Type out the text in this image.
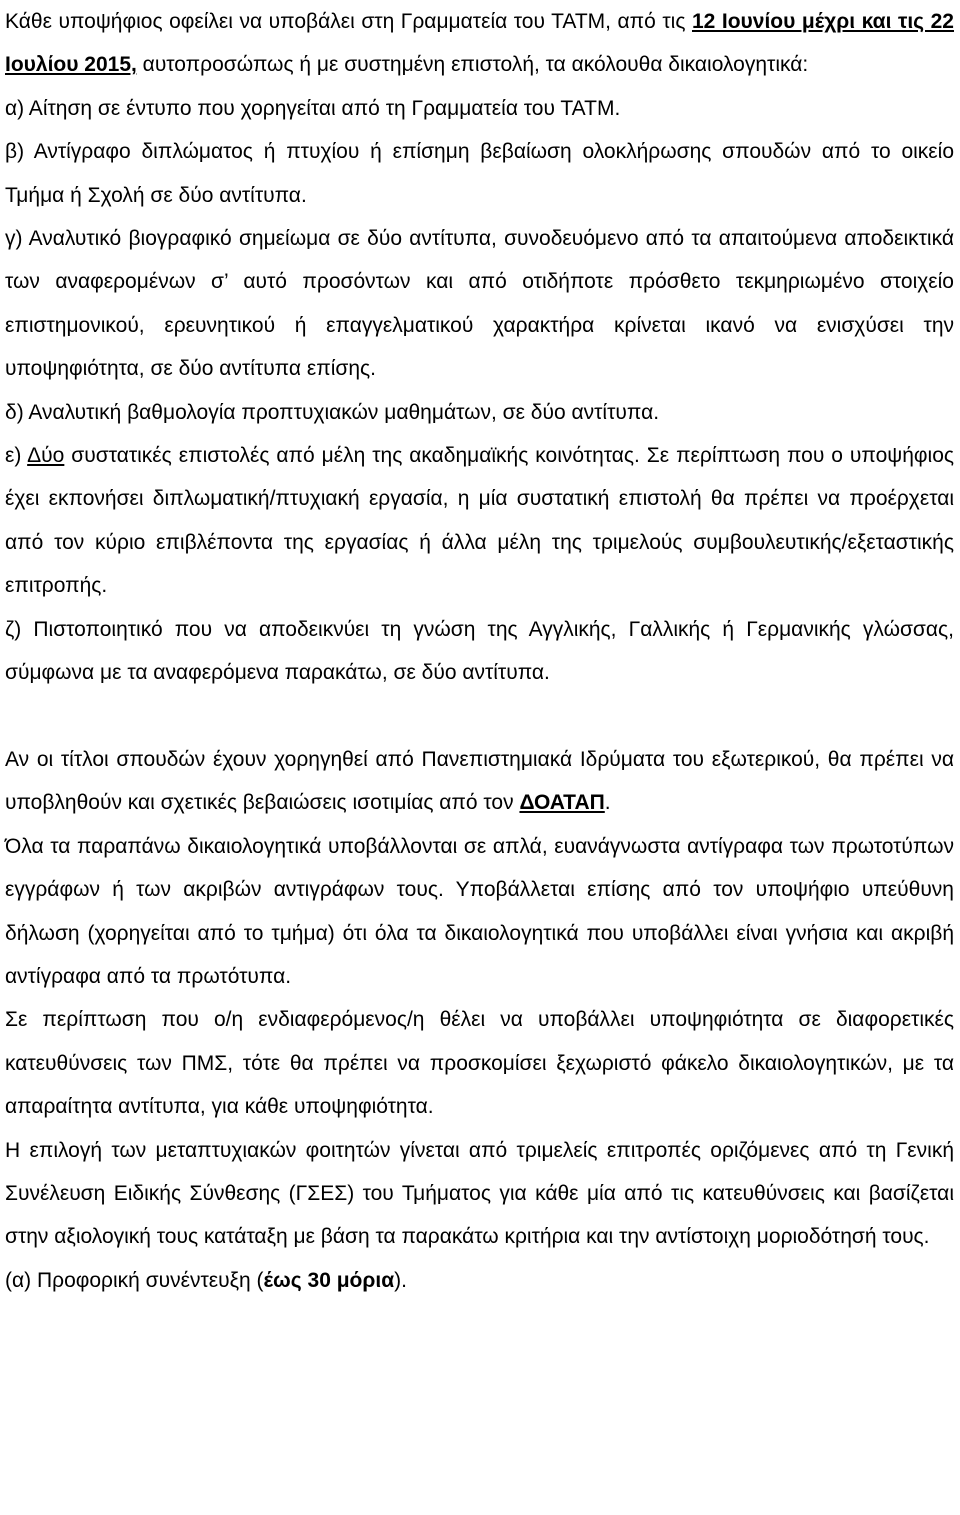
Κάθε υποψήφιος οφείλει να υποβάλει στη Γραμματεία του ΤΑΤΜ, από τις 12 Ιουνίου μέχρι και τις 22 Ιουλίου 2015, αυτοπροσώπως ή με συστημένη επιστολή, τα ακόλουθα δικαιολογητικά:

α) Αίτηση σε έντυπο που χορηγείται από τη Γραμματεία του ΤΑΤΜ.

β) Αντίγραφο διπλώματος ή πτυχίου ή επίσημη βεβαίωση ολοκλήρωσης σπουδών από το οικείο Τμήμα ή Σχολή σε δύο αντίτυπα.

γ) Αναλυτικό βιογραφικό σημείωμα σε δύο αντίτυπα, συνοδευόμενο από τα απαιτούμενα αποδεικτικά των αναφερομένων σ’ αυτό προσόντων και από οτιδήποτε πρόσθετο τεκμηριωμένο στοιχείο επιστημονικού, ερευνητικού ή επαγγελματικού χαρακτήρα κρίνεται ικανό να ενισχύσει την υποψηφιότητα, σε δύο αντίτυπα επίσης.

δ) Αναλυτική βαθμολογία προπτυχιακών μαθημάτων, σε δύο αντίτυπα.

ε) Δύο συστατικές επιστολές από μέλη της ακαδημαϊκής κοινότητας. Σε περίπτωση που ο υποψήφιος έχει εκπονήσει διπλωματική/πτυχιακή εργασία, η μία συστατική επιστολή θα πρέπει να προέρχεται από τον κύριο επιβλέποντα της εργασίας ή άλλα μέλη της τριμελούς συμβουλευτικής/εξεταστικής επιτροπής.

ζ) Πιστοποιητικό που να αποδεικνύει τη γνώση της Αγγλικής, Γαλλικής ή Γερμανικής γλώσσας, σύμφωνα με τα αναφερόμενα παρακάτω, σε δύο αντίτυπα.

Αν οι τίτλοι σπουδών έχουν χορηγηθεί από Πανεπιστημιακά Ιδρύματα του εξωτερικού, θα πρέπει να υποβληθούν και σχετικές βεβαιώσεις ισοτιμίας από τον ΔΟΑΤΑΠ.

Όλα τα παραπάνω δικαιολογητικά υποβάλλονται σε απλά, ευανάγνωστα αντίγραφα των πρωτοτύπων εγγράφων ή των ακριβών αντιγράφων τους. Υποβάλλεται επίσης από τον υποψήφιο υπεύθυνη δήλωση (χορηγείται από το τμήμα) ότι όλα τα δικαιολογητικά που υποβάλλει είναι γνήσια και ακριβή αντίγραφα από τα πρωτότυπα.

Σε περίπτωση που ο/η ενδιαφερόμενος/η θέλει να υποβάλλει υποψηφιότητα σε διαφορετικές κατευθύνσεις των ΠΜΣ, τότε θα πρέπει να προσκομίσει ξεχωριστό φάκελο δικαιολογητικών, με τα απαραίτητα αντίτυπα, για κάθε υποψηφιότητα.

Η επιλογή των μεταπτυχιακών φοιτητών γίνεται από τριμελείς επιτροπές οριζόμενες από τη Γενική Συνέλευση Ειδικής Σύνθεσης (ΓΣΕΣ) του Τμήματος για κάθε μία από τις κατευθύνσεις και βασίζεται στην αξιολογική τους κατάταξη με βάση τα παρακάτω κριτήρια και την αντίστοιχη μοριοδότησή τους.

(α) Προφορική συνέντευξη (έως 30 μόρια).
